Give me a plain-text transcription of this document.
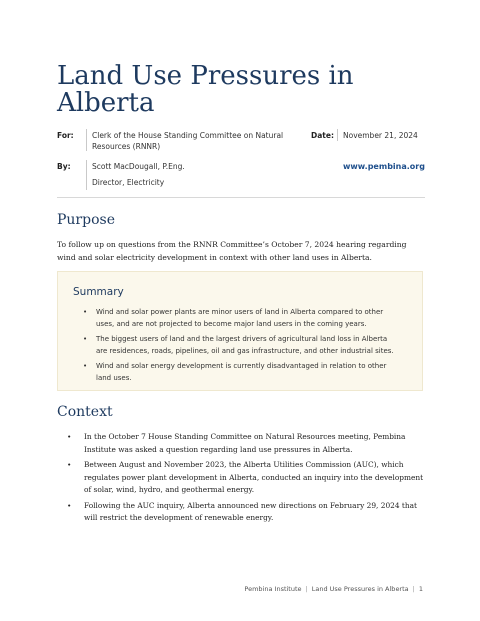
Land Use Pressures in Alberta
For: Clerk of the House Standing Committee on Natural Resources (RNNR)
Date: November 21, 2024
By:	Scott MacDougall, P.Eng.
Director, Electricity
www.pembina.org
Purpose

To follow up on questions from the RNNR Committee’s October 7, 2024 hearing regarding wind and solar electricity development in context with other land uses in Alberta.

Summary
• Wind and solar power plants are minor users of land in Alberta compared to other uses, and are not projected to become major land users in the coming years.
• The biggest users of land and the largest drivers of agricultural land loss in Alberta are residences, roads, pipelines, oil and gas infrastructure, and other industrial sites.
• Wind and solar energy development is currently disadvantaged in relation to other land uses.
Context
• In the October 7 House Standing Committee on Natural Resources meeting, Pembina Institute was asked a question regarding land use pressures in Alberta.
• Between August and November 2023, the Alberta Utilities Commission (AUC), which regulates power plant development in Alberta, conducted an inquiry into the development of solar, wind, hydro, and geothermal energy.
• Following the AUC inquiry, Alberta announced new directions on February 29, 2024 that will restrict the development of renewable energy.
Pembina Institute | Land Use Pressures in Alberta | 1
